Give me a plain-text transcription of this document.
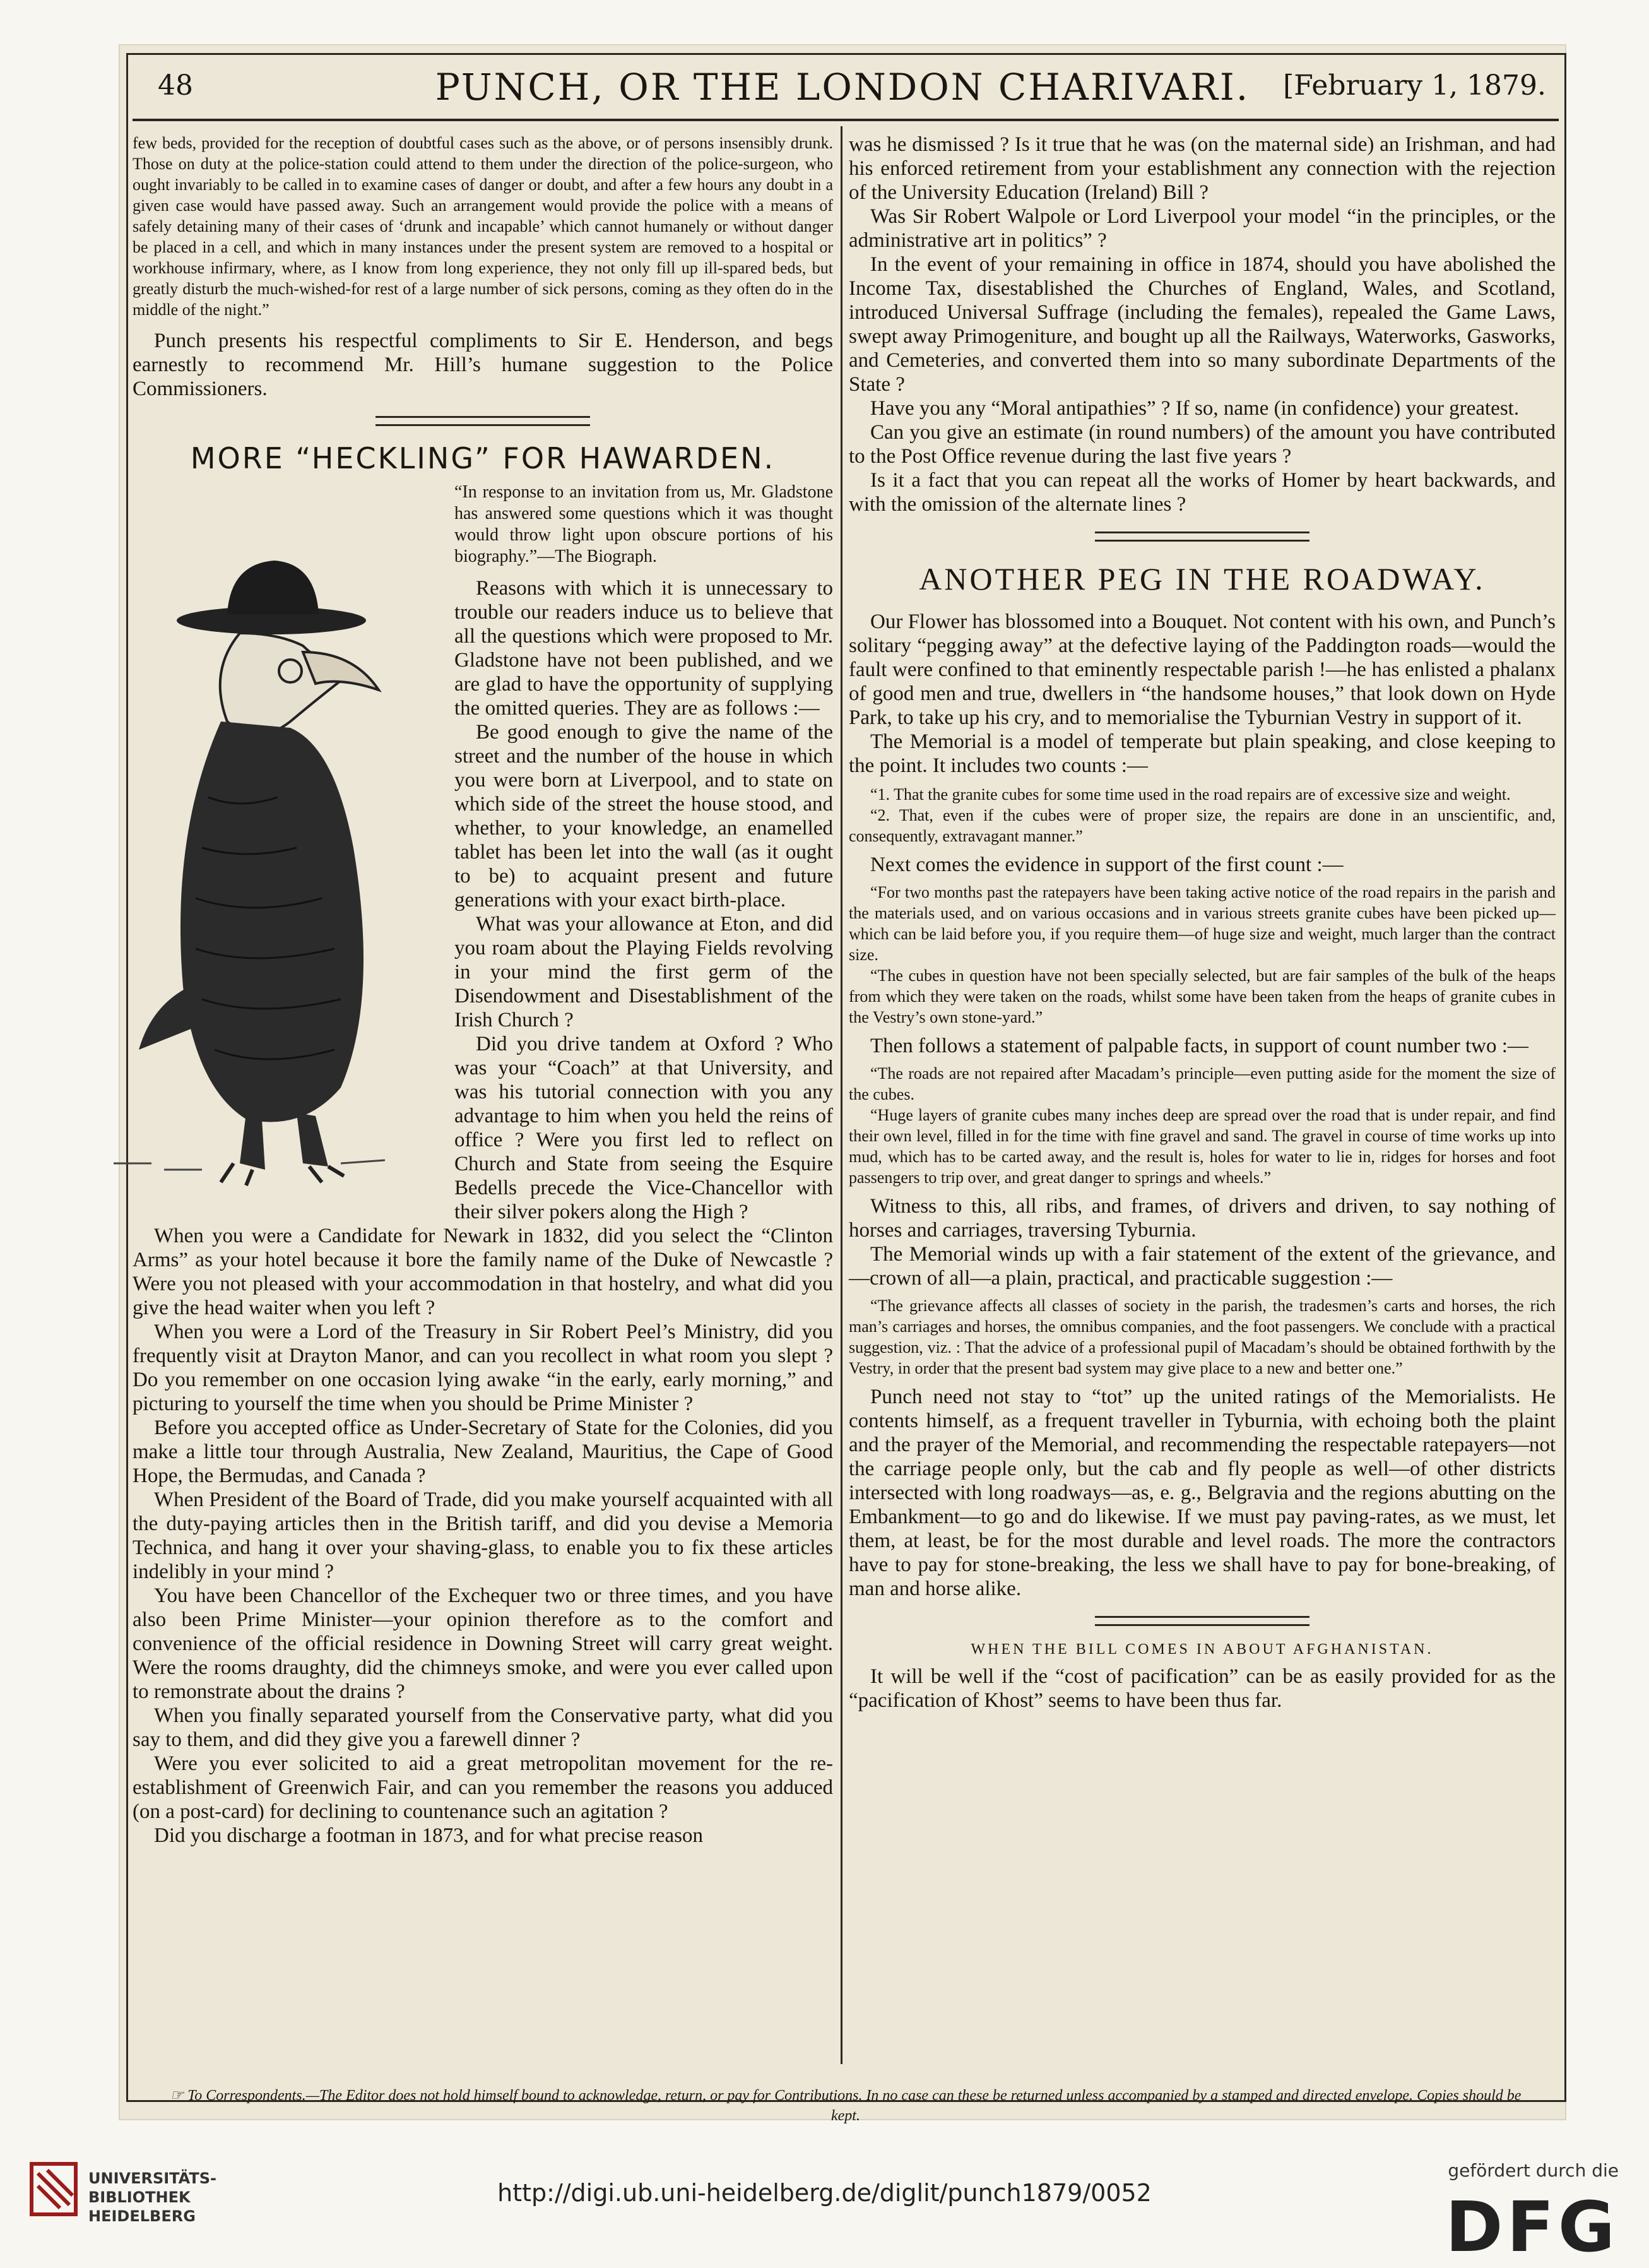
48	PUNCH, OR THE LONDON CHARIVARI.	[February 1, 1879.

few beds, provided for the reception of doubtful cases such as the above, or of persons insensibly drunk. Those on duty at the police-station could attend to them under the direction of the police-surgeon, who ought invariably to be called in to examine cases of danger or doubt, and after a few hours any doubt in a given case would have passed away. Such an arrangement would provide the police with a means of safely detaining many of their cases of ‘drunk and incapable’ which cannot humanely or without danger be placed in a cell, and which in many instances under the present system are removed to a hospital or workhouse infirmary, where, as I know from long experience, they not only fill up ill-spared beds, but greatly disturb the much-wished-for rest of a large number of sick persons, coming as they often do in the middle of the night.”

Punch presents his respectful compliments to Sir E. Henderson, and begs earnestly to recommend Mr. Hill’s humane suggestion to the Police Commissioners.

MORE “HECKLING” FOR HAWARDEN.

“In response to an invitation from us, Mr. Gladstone has answered some questions which it was thought would throw light upon obscure portions of his biography.”—The Biograph.

Reasons with which it is unnecessary to trouble our readers induce us to believe that all the questions which were proposed to Mr. Gladstone have not been published, and we are glad to have the opportunity of supplying the omitted queries. They are as follows :—

Be good enough to give the name of the street and the number of the house in which you were born at Liverpool, and to state on which side of the street the house stood, and whether, to your knowledge, an enamelled tablet has been let into the wall (as it ought to be) to acquaint present and future generations with your exact birth-place.

What was your allowance at Eton, and did you roam about the Playing Fields revolving in your mind the first germ of the Disendowment and Disestablishment of the Irish Church ?

Did you drive tandem at Oxford ? Who was your “Coach” at that University, and was his tutorial connection with you any advantage to him when you held the reins of office ? Were you first led to reflect on Church and State from seeing the Esquire Bedells precede the Vice-Chancellor with their silver pokers along the High ?

When you were a Candidate for Newark in 1832, did you select the “Clinton Arms” as your hotel because it bore the family name of the Duke of Newcastle ? Were you not pleased with your accommodation in that hostelry, and what did you give the head waiter when you left ?

When you were a Lord of the Treasury in Sir Robert Peel’s Ministry, did you frequently visit at Drayton Manor, and can you recollect in what room you slept ? Do you remember on one occasion lying awake “in the early, early morning,” and picturing to yourself the time when you should be Prime Minister ?

Before you accepted office as Under-Secretary of State for the Colonies, did you make a little tour through Australia, New Zealand, Mauritius, the Cape of Good Hope, the Bermudas, and Canada ?

When President of the Board of Trade, did you make yourself acquainted with all the duty-paying articles then in the British tariff, and did you devise a Memoria Technica, and hang it over your shaving-glass, to enable you to fix these articles indelibly in your mind ?

You have been Chancellor of the Exchequer two or three times, and you have also been Prime Minister—your opinion therefore as to the comfort and convenience of the official residence in Downing Street will carry great weight. Were the rooms draughty, did the chimneys smoke, and were you ever called upon to remonstrate about the drains ?

When you finally separated yourself from the Conservative party, what did you say to them, and did they give you a farewell dinner ?

Were you ever solicited to aid a great metropolitan movement for the re-establishment of Greenwich Fair, and can you remember the reasons you adduced (on a post-card) for declining to countenance such an agitation ?

Did you discharge a footman in 1873, and for what precise reason

was he dismissed ? Is it true that he was (on the maternal side) an Irishman, and had his enforced retirement from your establishment any connection with the rejection of the University Education (Ireland) Bill ?

Was Sir Robert Walpole or Lord Liverpool your model “in the principles, or the administrative art in politics” ?

In the event of your remaining in office in 1874, should you have abolished the Income Tax, disestablished the Churches of England, Wales, and Scotland, introduced Universal Suffrage (including the females), repealed the Game Laws, swept away Primogeniture, and bought up all the Railways, Waterworks, Gasworks, and Cemeteries, and converted them into so many subordinate Departments of the State ?

Have you any “Moral antipathies” ? If so, name (in confidence) your greatest.

Can you give an estimate (in round numbers) of the amount you have contributed to the Post Office revenue during the last five years ?

Is it a fact that you can repeat all the works of Homer by heart backwards, and with the omission of the alternate lines ?

ANOTHER PEG IN THE ROADWAY.

Our Flower has blossomed into a Bouquet. Not content with his own, and Punch’s solitary “pegging away” at the defective laying of the Paddington roads—would the fault were confined to that eminently respectable parish !—he has enlisted a phalanx of good men and true, dwellers in “the handsome houses,” that look down on Hyde Park, to take up his cry, and to memorialise the Tyburnian Vestry in support of it.

The Memorial is a model of temperate but plain speaking, and close keeping to the point. It includes two counts :—

“1. That the granite cubes for some time used in the road repairs are of excessive size and weight.

“2. That, even if the cubes were of proper size, the repairs are done in an unscientific, and, consequently, extravagant manner.”

Next comes the evidence in support of the first count :—

“For two months past the ratepayers have been taking active notice of the road repairs in the parish and the materials used, and on various occasions and in various streets granite cubes have been picked up—which can be laid before you, if you require them—of huge size and weight, much larger than the contract size.

“The cubes in question have not been specially selected, but are fair samples of the bulk of the heaps from which they were taken on the roads, whilst some have been taken from the heaps of granite cubes in the Vestry’s own stone-yard.”

Then follows a statement of palpable facts, in support of count number two :—

“The roads are not repaired after Macadam’s principle—even putting aside for the moment the size of the cubes.

“Huge layers of granite cubes many inches deep are spread over the road that is under repair, and find their own level, filled in for the time with fine gravel and sand. The gravel in course of time works up into mud, which has to be carted away, and the result is, holes for water to lie in, ridges for horses and foot passengers to trip over, and great danger to springs and wheels.”

Witness to this, all ribs, and frames, of drivers and driven, to say nothing of horses and carriages, traversing Tyburnia.

The Memorial winds up with a fair statement of the extent of the grievance, and—crown of all—a plain, practical, and practicable suggestion :—

“The grievance affects all classes of society in the parish, the tradesmen’s carts and horses, the rich man’s carriages and horses, the omnibus companies, and the foot passengers. We conclude with a practical suggestion, viz. : That the advice of a professional pupil of Macadam’s should be obtained forthwith by the Vestry, in order that the present bad system may give place to a new and better one.”

Punch need not stay to “tot” up the united ratings of the Memorialists. He contents himself, as a frequent traveller in Tyburnia, with echoing both the plaint and the prayer of the Memorial, and recommending the respectable ratepayers—not the carriage people only, but the cab and fly people as well—of other districts intersected with long roadways—as, e. g., Belgravia and the regions abutting on the Embankment—to go and do likewise. If we must pay paving-rates, as we must, let them, at least, be for the most durable and level roads. The more the contractors have to pay for stone-breaking, the less we shall have to pay for bone-breaking, of man and horse alike.

WHEN THE BILL COMES IN ABOUT AFGHANISTAN.

It will be well if the “cost of pacification” can be as easily provided for as the “pacification of Khost” seems to have been thus far.

☞ To Correspondents.—The Editor does not hold himself bound to acknowledge, return, or pay for Contributions. In no case can these be returned unless accompanied by a stamped and directed envelope. Copies should be kept.
UNIVERSITÄTS-
BIBLIOTHEK
HEIDELBERG
http://digi.ub.uni-heidelberg.de/diglit/punch1879/0052
gefördert durch die
DFG
